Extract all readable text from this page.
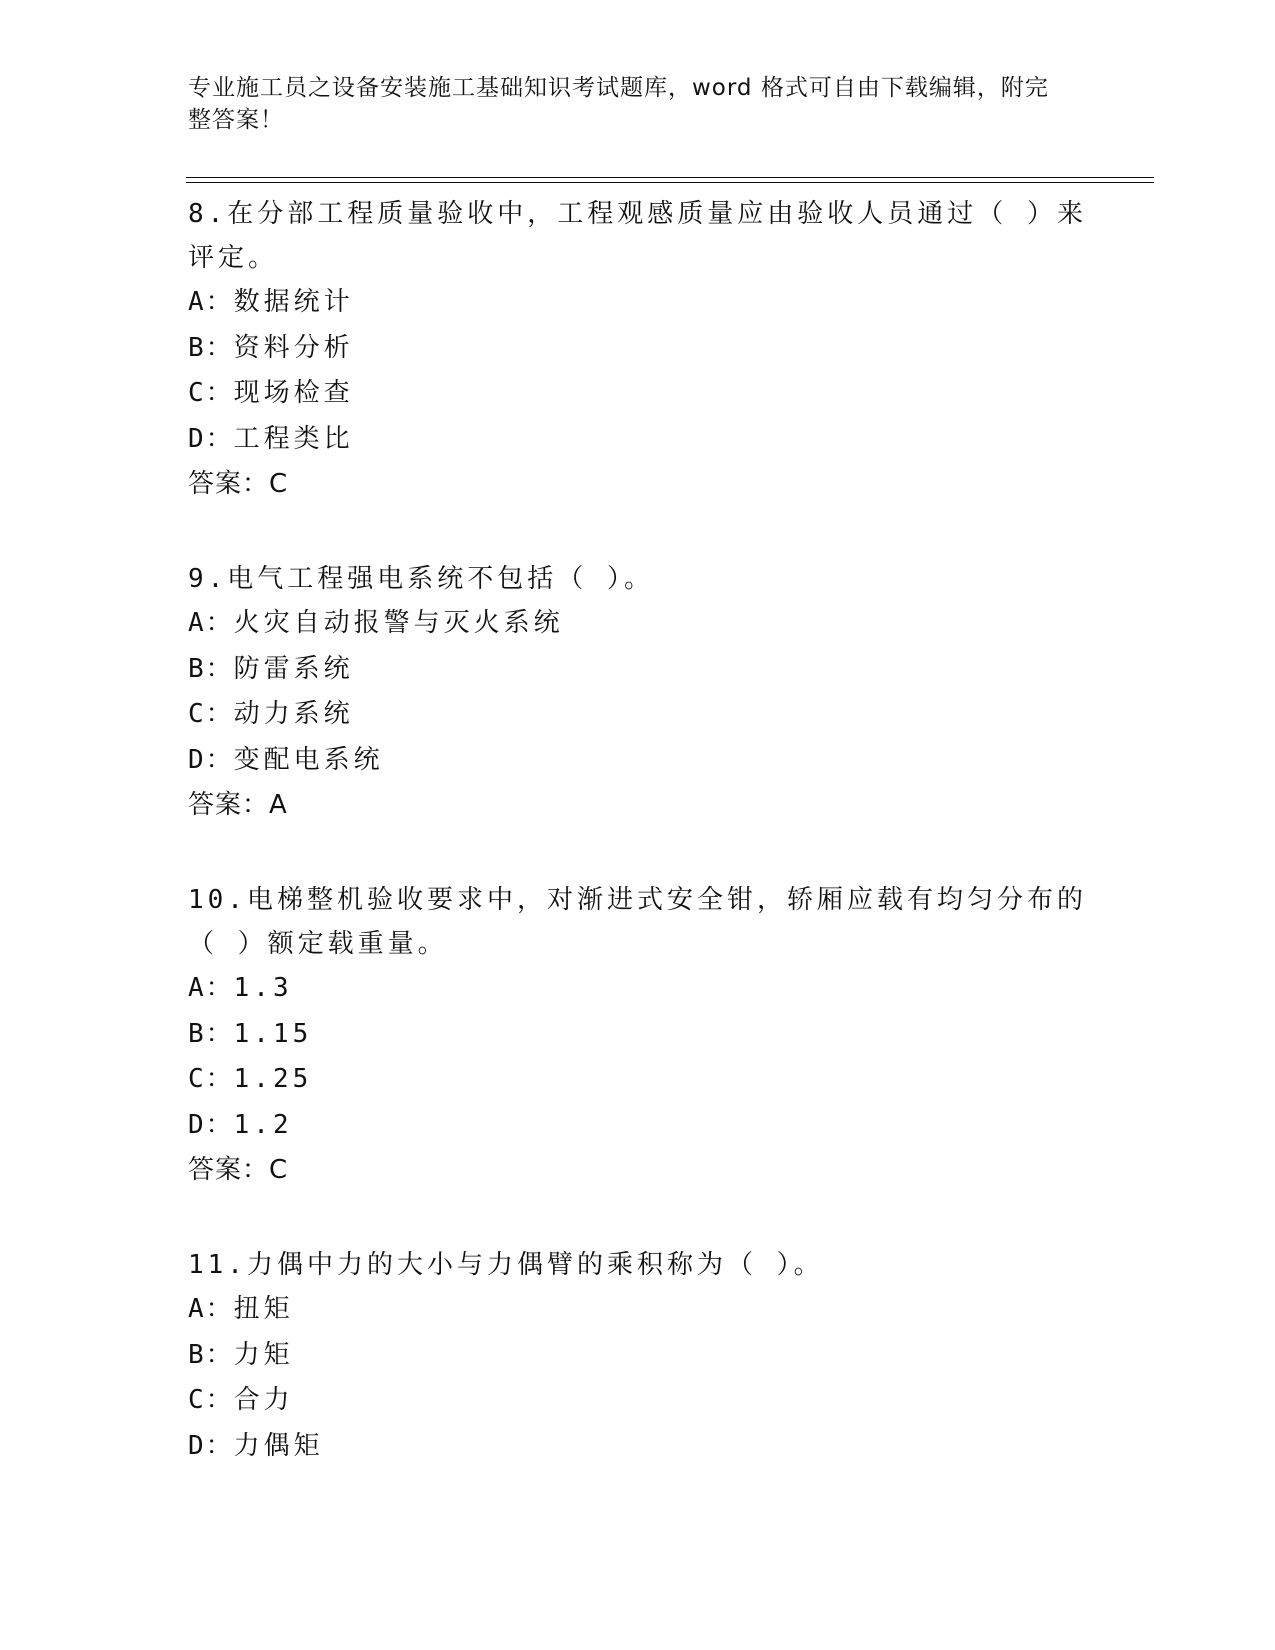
专业施工员之设备安装施工基础知识考试题库，word 格式可自由下载编辑，附完
整答案！

8.在分部工程质量验收中，工程观感质量应由验收人员通过（ ）来评定。

A：数据统计

B：资料分析

C：现场检查

D：工程类比

答案：C

9.电气工程强电系统不包括（ ）。

A：火灾自动报警与灭火系统

B：防雷系统

C：动力系统

D：变配电系统

答案：A

10.电梯整机验收要求中，对渐进式安全钳，轿厢应载有均匀分布的（ ）额定载重量。

A：1.3

B：1.15

C：1.25

D：1.2

答案：C

11.力偶中力的大小与力偶臂的乘积称为（ ）。

A：扭矩

B：力矩

C：合力

D：力偶矩
